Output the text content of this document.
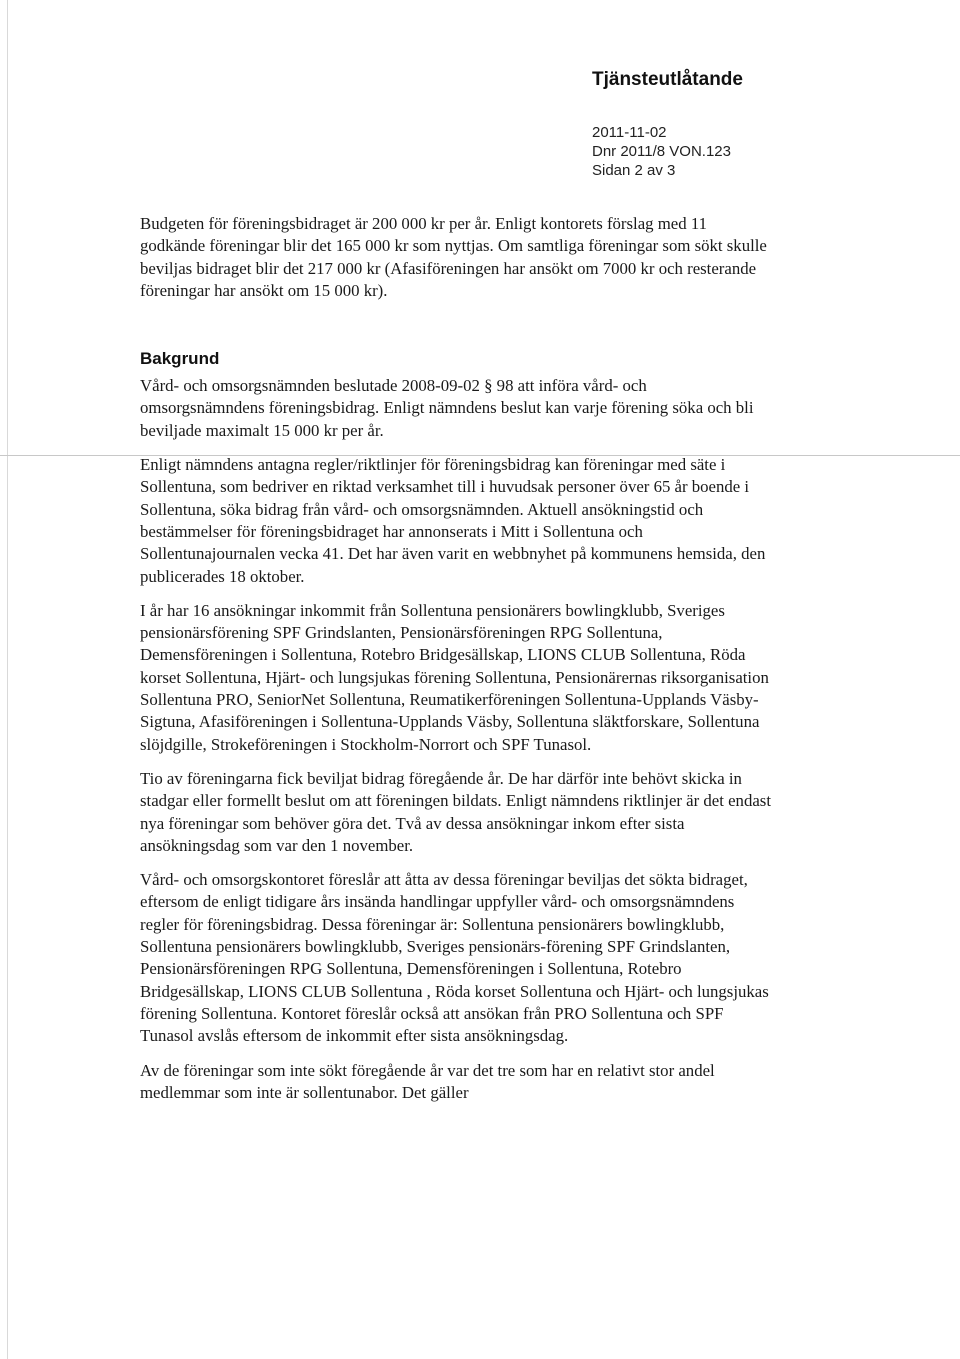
Tjänsteutlåtande
2011-11-02
Dnr 2011/8 VON.123
Sidan 2 av 3

Budgeten för föreningsbidraget är 200 000 kr per år. Enligt kontorets förslag med 11 godkände föreningar blir det 165 000 kr som nyttjas. Om samtliga föreningar som sökt skulle beviljas bidraget blir det 217 000 kr (Afasiföreningen har ansökt om 7000 kr och resterande föreningar har ansökt om 15 000 kr).

Bakgrund

Vård- och omsorgsnämnden beslutade 2008-09-02 § 98 att införa vård- och omsorgsnämndens föreningsbidrag. Enligt nämndens beslut kan varje förening söka och bli beviljade maximalt 15 000 kr per år.

Enligt nämndens antagna regler/riktlinjer för föreningsbidrag kan föreningar med säte i Sollentuna, som bedriver en riktad verksamhet till i huvudsak personer över 65 år boende i Sollentuna, söka bidrag från vård- och omsorgsnämnden. Aktuell ansökningstid och bestämmelser för föreningsbidraget har annonserats i Mitt i Sollentuna och Sollentunajournalen vecka 41. Det har även varit en webbnyhet på kommunens hemsida, den publicerades 18 oktober.

I år har 16 ansökningar inkommit från Sollentuna pensionärers bowlingklubb, Sveriges pensionärsförening SPF Grindslanten, Pensionärsföreningen RPG Sollentuna, Demensföreningen i Sollentuna, Rotebro Bridgesällskap, LIONS CLUB Sollentuna, Röda korset Sollentuna, Hjärt- och lungsjukas förening Sollentuna, Pensionärernas riksorganisation Sollentuna PRO, SeniorNet Sollentuna, Reumatikerföreningen Sollentuna-Upplands Väsby- Sigtuna, Afasiföreningen i Sollentuna-Upplands Väsby, Sollentuna släktforskare, Sollentuna slöjdgille, Strokeföreningen i Stockholm-Norrort och SPF Tunasol.

Tio av föreningarna fick beviljat bidrag föregående år. De har därför inte behövt skicka in stadgar eller formellt beslut om att föreningen bildats. Enligt nämndens riktlinjer är det endast nya föreningar som behöver göra det. Två av dessa ansökningar inkom efter sista ansökningsdag som var den 1 november.

Vård- och omsorgskontoret föreslår att åtta av dessa föreningar beviljas det sökta bidraget, eftersom de enligt tidigare års insända handlingar uppfyller vård- och omsorgsnämndens regler för föreningsbidrag. Dessa föreningar är: Sollentuna pensionärers bowlingklubb, Sollentuna pensionärers bowlingklubb, Sveriges pensionärs-förening SPF Grindslanten, Pensionärsföreningen RPG Sollentuna, Demensföreningen i Sollentuna, Rotebro Bridgesällskap, LIONS CLUB Sollentuna , Röda korset Sollentuna och Hjärt- och lungsjukas förening Sollentuna. Kontoret föreslår också att ansökan från PRO Sollentuna och SPF Tunasol avslås eftersom de inkommit efter sista ansökningsdag.

Av de föreningar som inte sökt föregående år var det tre som har en relativt stor andel medlemmar som inte är sollentunabor. Det gäller
